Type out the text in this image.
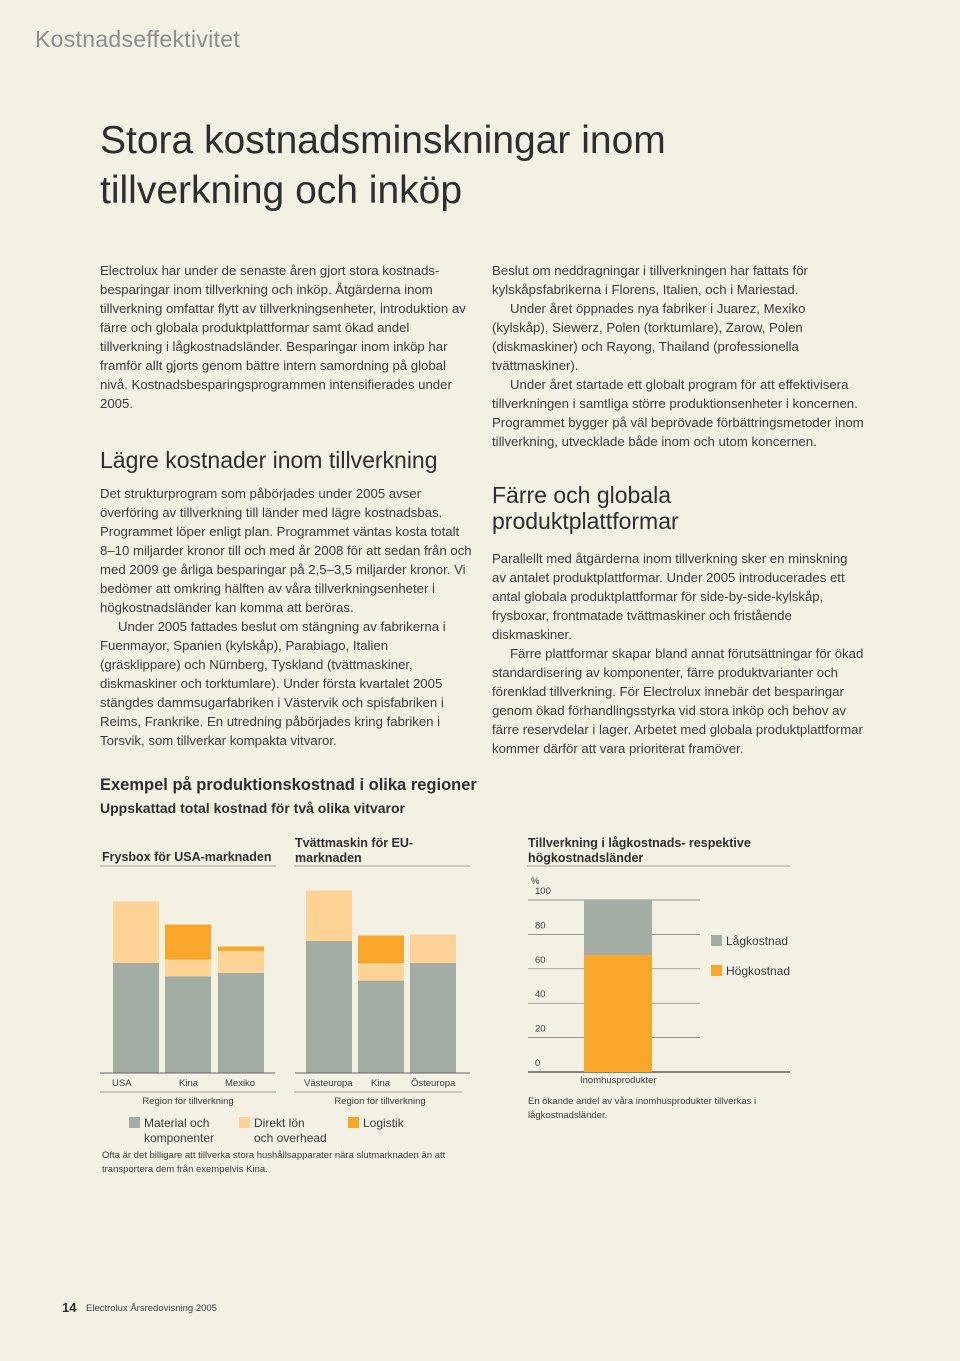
Kostnadseffektivitet
Stora kostnadsminskningar inom
tillverkning och inköp

Electrolux har under de senaste åren gjort stora kostnadsbesparingar inom tillverkning och inköp. Åtgärderna inom tillverkning omfattar flytt av tillverkningsenheter, introduktion av färre och globala produktplattformar samt ökad andel tillverkning i lågkostnadsländer. Besparingar inom inköp har framför allt gjorts genom bättre intern samordning på global nivå. Kostnadsbesparingsprogrammen intensifierades under 2005.

Lägre kostnader inom tillverkning

Det strukturprogram som påbörjades under 2005 avser överföring av tillverkning till länder med lägre kostnadsbas. Programmet löper enligt plan. Programmet väntas kosta totalt 8–10 miljarder kronor till och med år 2008 för att sedan från och med 2009 ge årliga besparingar på 2,5–3,5 miljarder kronor. Vi bedömer att omkring hälften av våra tillverkningsenheter i högkostnadsländer kan komma att beröras.

Under 2005 fattades beslut om stängning av fabrikerna i Fuenmayor, Spanien (kylskåp), Parabiago, Italien (gräsklippare) och Nürnberg, Tyskland (tvättmaskiner, diskmaskiner och torktumlare). Under första kvartalet 2005 stängdes dammsugarfabriken i Västervik och spisfabriken i Reims, Frankrike. En utredning påbörjades kring fabriken i Torsvik, som tillverkar kompakta vitvaror.

Beslut om neddragningar i tillverkningen har fattats för kylskåpsfabrikerna i Florens, Italien, och i Mariestad.

Under året öppnades nya fabriker i Juarez, Mexiko (kylskåp), Siewerz, Polen (torktumlare), Zarow, Polen (diskmaskiner) och Rayong, Thailand (professionella tvättmaskiner).

Under året startade ett globalt program för att effektivisera tillverkningen i samtliga större produktionsenheter i koncernen. Programmet bygger på väl beprövade förbättringsmetoder inom tillverkning, utvecklade både inom och utom koncernen.

Färre och globala
produktplattformar

Parallellt med åtgärderna inom tillverkning sker en minskning av antalet produktplattformar. Under 2005 introducerades ett antal globala produktplattformar för side-by-side-kylskåp, frysboxar, frontmatade tvättmaskiner och fristående diskmaskiner.

Färre plattformar skapar bland annat förutsättningar för ökad standardisering av komponenter, färre produktvarianter och förenklad tillverkning. För Electrolux innebär det besparingar genom ökad förhandlingsstyrka vid stora inköp och behov av färre reservdelar i lager. Arbetet med globala produktplattformar kommer därför att vara prioriterat framöver.

Exempel på produktionskostnad i olika regioner
Uppskattad total kostnad för två olika vitvaror
Frysbox för USA-marknaden
Tvättmaskin för EU-
marknaden
Tillverkning i lågkostnads- respektive
högkostnadsländer
100
80
60
40
20
0
USA	Kina	Mexiko
Region för tillverkning
Västeuropa Kina Östeuropa
Region för tillverkning
%
Inomhusprodukter
Material och
komponenter
Direkt lön
och overhead
Logistik
Ofta är det billigare att tillverka stora hushållsapparater nära slutmarknaden än att
transportera dem från exempelvis Kina.
Lågkostnad
Högkostnad
En ökande andel av våra inomhusprodukter tillverkas i
lågkostnadsländer.
14 Electrolux Årsredovisning 2005
